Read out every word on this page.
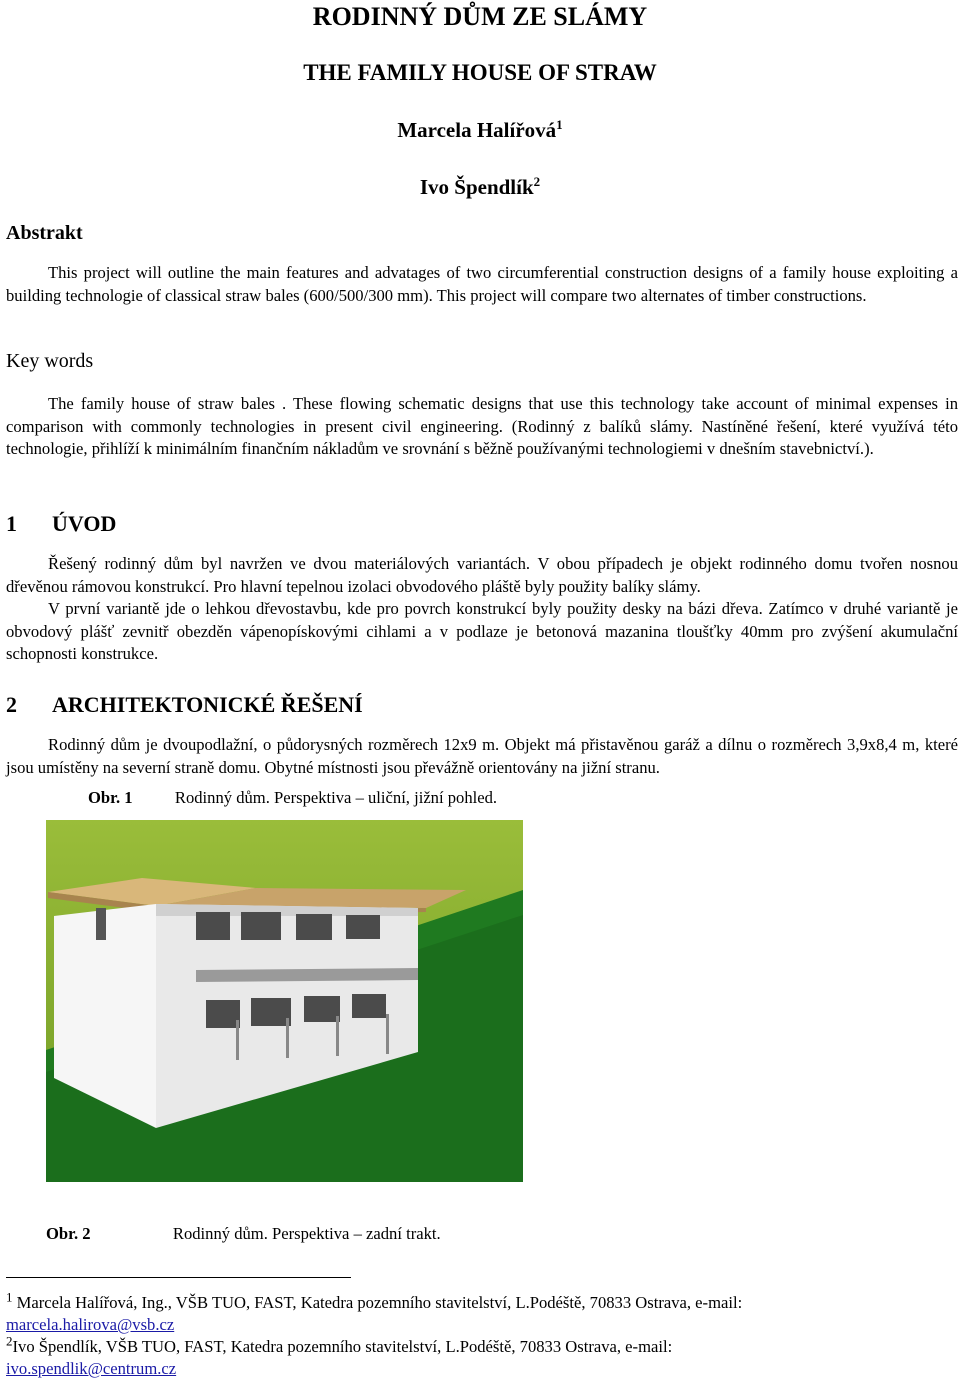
RODINNÝ DŮM ZE SLÁMY
THE FAMILY HOUSE OF STRAW
Marcela Halířová$^1$
Ivo Špendlík$^2$
Abstrakt

This project will outline the main features and advatages of two circumferential construction designs of a family house exploiting a building technologie of classical straw bales (600/500/300 mm). This project will compare two alternates of timber constructions.

Key words

The family house of straw bales . These flowing schematic designs that use this technology take account of minimal expenses in comparison with commonly technologies in present civil engineering. (Rodinný z balíků slámy. Nastíněné řešení, které využívá této technologie, přihlíží k minimálním finančním nákladům ve srovnání s běžně používanými technologiemi v dnešním stavebnictví.).

1 ÚVOD

Řešený rodinný dům byl navržen ve dvou materiálových variantách. V obou případech je objekt rodinného domu tvořen nosnou dřevěnou rámovou konstrukcí. Pro hlavní tepelnou izolaci obvodového pláště byly použity balíky slámy.

V první variantě jde o lehkou dřevostavbu, kde pro povrch konstrukcí byly použity desky na bázi dřeva. Zatímco v druhé variantě je obvodový plášť zevnitř obezděn vápenopískovými cihlami a v podlaze je betonová mazanina tloušťky 40mm pro zvýšení akumulační schopnosti konstrukce.

2 ARCHITEKTONICKÉ ŘEŠENÍ

Rodinný dům je dvoupodlažní, o půdorysných rozměrech 12x9 m. Objekt má přistavěnou garáž a dílnu o rozměrech 3,9x8,4 m, které jsou umístěny na severní straně domu. Obytné místnosti jsou převážně orientovány na jižní stranu.

Obr. 1	Rodinný dům. Perspektiva – uliční, jižní pohled.
Obr. 2	Rodinný dům. Perspektiva – zadní trakt.
$^1$ Marcela Halířová, Ing., VŠB TUO, FAST, Katedra pozemního stavitelství, L.Podéště, 70833 Ostrava, e-mail:
marcela.halirova@vsb.cz
$^2$Ivo Špendlík, VŠB TUO, FAST, Katedra pozemního stavitelství, L.Podéště, 70833 Ostrava, e-mail:
ivo.spendlik@centrum.cz
